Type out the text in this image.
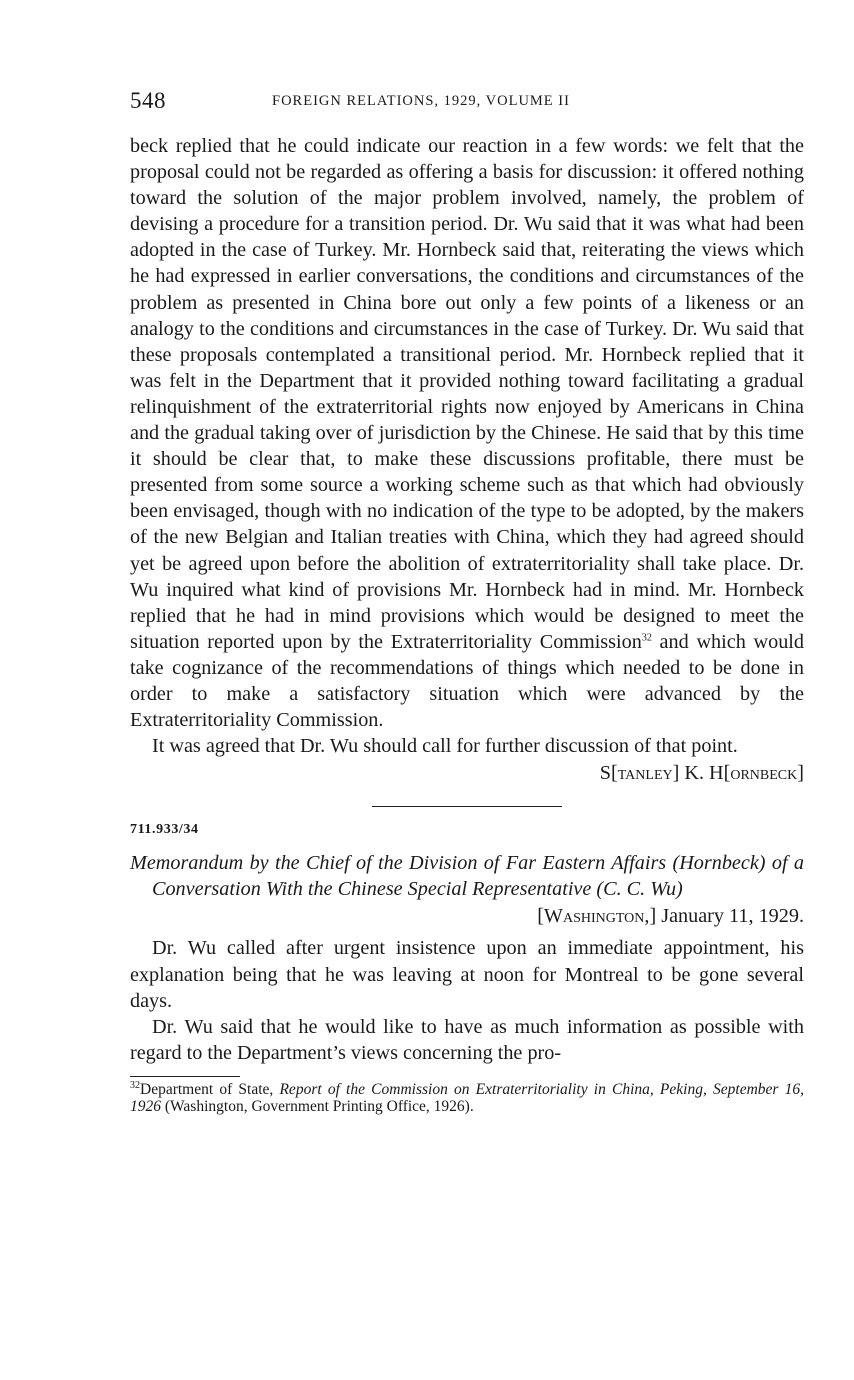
548	FOREIGN RELATIONS, 1929, VOLUME II

beck replied that he could indicate our reaction in a few words: we felt that the proposal could not be regarded as offering a basis for discussion: it offered nothing toward the solution of the major problem involved, namely, the problem of devising a procedure for a transition period. Dr. Wu said that it was what had been adopted in the case of Turkey. Mr. Hornbeck said that, reiterating the views which he had expressed in earlier conversations, the conditions and circumstances of the problem as presented in China bore out only a few points of a likeness or an analogy to the conditions and circumstances in the case of Turkey. Dr. Wu said that these proposals contemplated a transitional period. Mr. Hornbeck replied that it was felt in the Department that it provided nothing toward facilitating a gradual relinquishment of the extraterritorial rights now enjoyed by Americans in China and the gradual taking over of jurisdiction by the Chinese. He said that by this time it should be clear that, to make these discussions profitable, there must be presented from some source a working scheme such as that which had obviously been envisaged, though with no indication of the type to be adopted, by the makers of the new Belgian and Italian treaties with China, which they had agreed should yet be agreed upon before the abolition of extraterritoriality shall take place. Dr. Wu inquired what kind of provisions Mr. Hornbeck had in mind. Mr. Hornbeck replied that he had in mind provisions which would be designed to meet the situation reported upon by the Extraterritoriality Commission$^{32}$ and which would take cognizance of the recommendations of things which needed to be done in order to make a satisfactory situation which were advanced by the Extraterritoriality Commission.

It was agreed that Dr. Wu should call for further discussion of that point.

S[tanley] K. H[ornbeck]
711.933/34
Memorandum by the Chief of the Division of Far Eastern Affairs (Hornbeck) of a Conversation With the Chinese Special Representative (C. C. Wu)
[Washington,] January 11, 1929.

Dr. Wu called after urgent insistence upon an immediate appointment, his explanation being that he was leaving at noon for Montreal to be gone several days.

Dr. Wu said that he would like to have as much information as possible with regard to the Department’s views concerning the pro-

$^{32}$Department of State, Report of the Commission on Extraterritoriality in China, Peking, September 16, 1926 (Washington, Government Printing Office, 1926).
